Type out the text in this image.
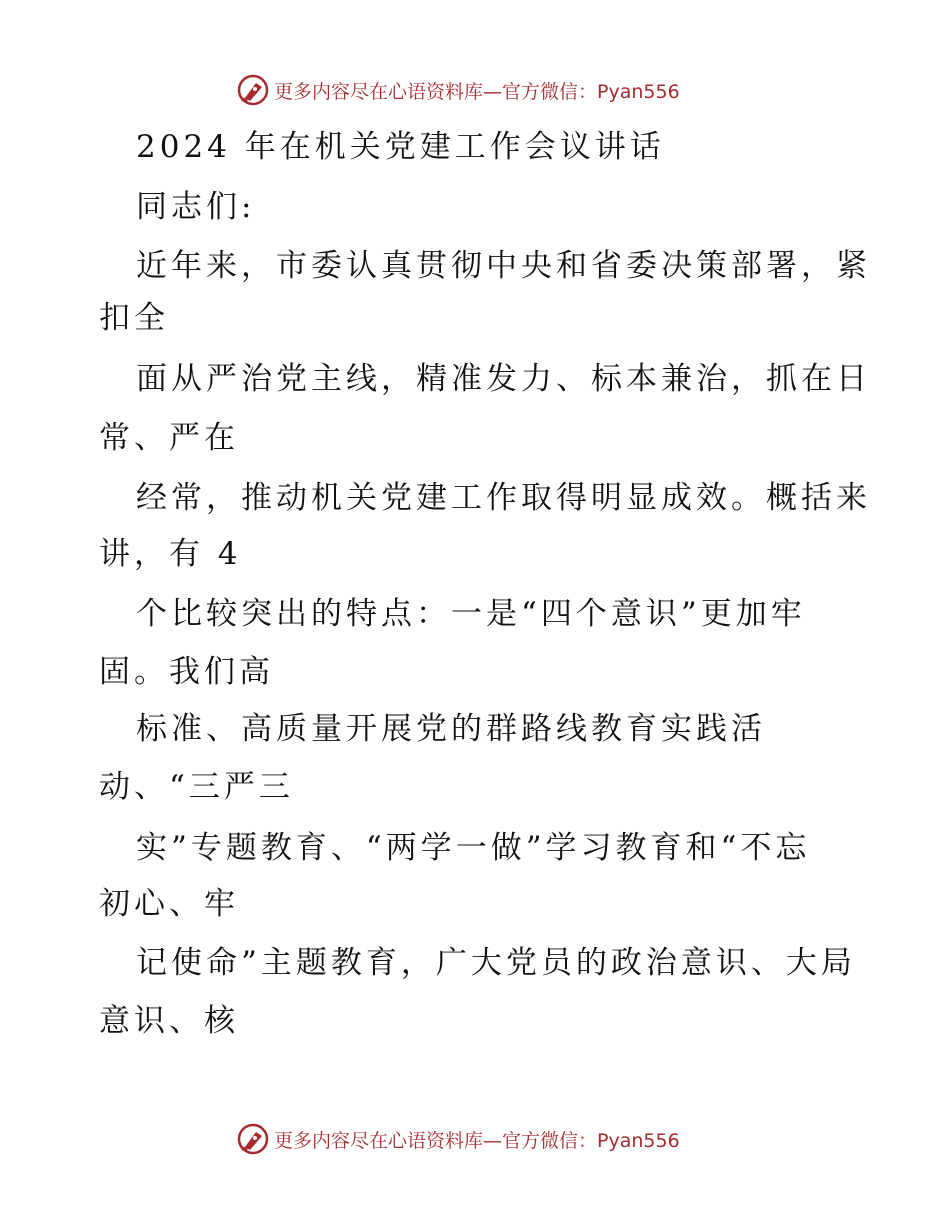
更多内容尽在心语资料库—官方微信：Pyan556
2024 年在机关党建工作会议讲话
同志们:
近年来，市委认真贯彻中央和省委决策部署，紧
扣全
面从严治党主线，精准发力、标本兼治，抓在日
常、严在
经常，推动机关党建工作取得明显成效。概括来
讲，有 4
个比较突出的特点：一是“四个意识”更加牢
固。我们高
标准、高质量开展党的群路线教育实践活
动、“三严三
实”专题教育、“两学一做”学习教育和“不忘
初心、牢
记使命”主题教育，广大党员的政治意识、大局
意识、核
更多内容尽在心语资料库—官方微信：Pyan556
